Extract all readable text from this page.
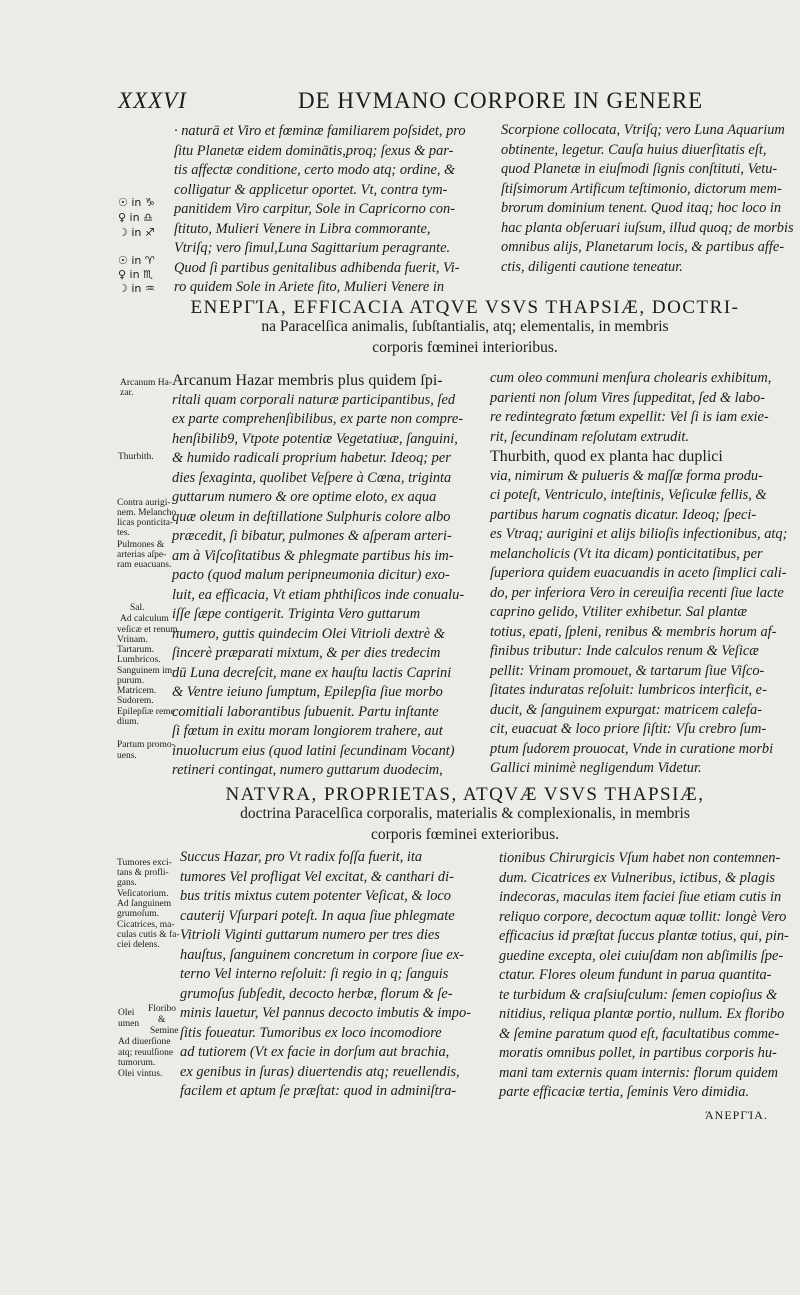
XXXVI	DE HVMANO CORPORE IN GENERE
· naturā et Viro et fœminæ familiarem poſsidet, pro
ſitu Planetæ eidem dominātis,proq; ſexus & par-
tis affectæ conditione, certo modo atq; ordine, &
colligatur & applicetur oportet. Vt, contra tym-
panitidem Viro carpitur, Sole in Capricorno con-
ſtituto, Mulieri Venere in Libra commorante,
Vtriſq; vero ſimul,Luna Sagittarium peragrante.
Quod ſi partibus genitalibus adhibenda fuerit, Vi-
ro quidem Sole in Ariete ſito, Mulieri Venere in
Scorpione collocata, Vtriſq; vero Luna Aquarium
obtinente, legetur. Cauſa huius diuerſitatis eſt,
quod Planetæ in eiuſmodi ſignis conſtituti, Vetu-
ſtiſsimorum Artificum teſtimonio, dictorum mem-
brorum dominium tenent. Quod itaq; hoc loco in
hac planta obſeruari iuſsum, illud quoq; de morbis
omnibus alijs, Planetarum locis, & partibus affe-
ctis, diligenti cautione teneatur.
☉ in ♑
♀ in ♎
☽ in ♐
☉ in ♈
♀ in ♏
☽ in ♒
ΕΝΕΡΓΊΑ, EFFICACIA ATQVE VSVS THAPSIÆ, DOCTRI-
na Paracelſica animalis, ſubſtantialis, atq; elementalis, in membris
corporis fœminei interioribus.
Arcanum Hazar membris plus quidem ſpi-
ritali quam corporali naturæ participantibus, ſed
ex parte comprehenſibilibus, ex parte non compre-
henſibilib9, Vtpote potentiæ Vegetatiuæ, ſanguini,
& humido radicali proprium habetur. Ideoq; per
dies ſexaginta, quolibet Veſpere à Cœna, triginta
guttarum numero & ore optime eloto, ex aqua
quæ oleum in deſtillatione Sulphuris colore albo
præcedit, ſi bibatur, pulmones & aſperam arteri-
am à Viſcoſitatibus & phlegmate partibus his im-
pacto (quod malum peripneumonia dicitur) exo-
luit, ea efficacia, Vt etiam phthiſicos inde conualu-
iſſe ſæpe contigerit. Triginta Vero guttarum
numero, guttis quindecim Olei Vitrioli dextrè &
ſincerè præparati mixtum, & per dies tredecim
dū Luna decreſcit, mane ex hauſtu lactis Caprini
& Ventre ieiuno ſumptum, Epilepſia ſiue morbo
comitiali laborantibus ſubuenit. Partu inſtante
ſi fœtum in exitu moram longiorem trahere, aut
inuolucrum eius (quod latini ſecundinam Vocant)
retineri contingat, numero guttarum duodecim,
cum oleo communi menſura cholearis exhibitum,
parienti non ſolum Vires ſuppeditat, ſed & labo-
re redintegrato fœtum expellit: Vel ſi is iam exie-
rit, ſecundinam reſolutam extrudit.
Thurbith, quod ex planta hac duplici
via, nimirum & pulueris & maſſæ forma produ-
ci poteſt, Ventriculo, inteſtinis, Veſiculæ fellis, &
partibus harum cognatis dicatur. Ideoq; ſpeci-
es Vtraq; aurigini et alijs bilioſis infectionibus, atq;
melancholicis (Vt ita dicam) ponticitatibus, per
ſuperiora quidem euacuandis in aceto ſimplici cali-
do, per inferiora Vero in cereuiſia recenti ſiue lacte
caprino gelido, Vtiliter exhibetur. Sal plantæ
totius, epati, ſpleni, renibus & membris horum af-
finibus tributur: Inde calculos renum & Veſicæ
pellit: Vrinam promouet, & tartarum ſiue Viſco-
ſitates induratas reſoluit: lumbricos interficit, e-
ducit, & ſanguinem expurgat: matricem calefa-
cit, euacuat & loco priore ſiſtit: Vſu crebro ſum-
ptum ſudorem prouocat, Vnde in curatione morbi
Gallici minimè negligendum Videtur.
Arcanum Ha-
zar.
Thurbith.
Contra aurigi-
nem. Melancho
licas ponticita-
tes.
Pulmones &
arterias aſpe-
ram euacuans.
Sal.
Ad calculum
veſicæ et renum.
Vrinam.
Tartarum.
Lumbricos.
Sanguinem im-
purum.
Matricem.
Sudorem.
Epilepſiæ reme
dium.
Partum promo-
uens.
NATVRA, PROPRIETAS, ATQVÆ VSVS THAPSIÆ,
doctrina Paracelſica corporalis, materialis & complexionalis, in membris
corporis fœminei exterioribus.
Succus Hazar, pro Vt radix foſſa fuerit, ita
tumores Vel profligat Vel excitat, & canthari di-
bus tritis mixtus cutem potenter Veſicat, & loco
cauterij Vſurpari poteſt. In aqua ſiue phlegmate
Vitrioli Viginti guttarum numero per tres dies
hauſtus, ſanguinem concretum in corpore ſiue ex-
terno Vel interno reſoluit: ſi regio in q; ſanguis
grumoſus ſubſedit, decocto herbæ, florum & ſe-
minis lauetur, Vel pannus decocto imbutis & impo-
ſitis foueatur. Tumoribus ex loco incomodiore
ad tutiorem (Vt ex facie in dorſum aut brachia,
ex genibus in ſuras) diuertendis atq; reuellendis,
facilem et aptum ſe præſtat: quod in adminiſtra-
tionibus Chirurgicis Vſum habet non contemnen-
dum. Cicatrices ex Vulneribus, ictibus, & plagis
indecoras, maculas item faciei ſiue etiam cutis in
reliquo corpore, decoctum aquæ tollit: longè Vero
efficacius id præſtat ſuccus plantæ totius, qui, pin-
guedine excepta, olei cuiuſdam non abſimilis ſpe-
ctatur. Flores oleum fundunt in parua quantita-
te turbidum & craſsiuſculum: ſemen copioſius &
nitidius, reliqua plantæ portio, nullum. Ex floribo
& ſemine paratum quod eſt, facultatibus comme-
moratis omnibus pollet, in partibus corporis hu-
mani tam externis quam internis: florum quidem
parte efficaciæ tertia, ſeminis Vero dimidia.
Tumores exci-
tans & profli-
gans.
Veſicatorium.
Ad ſanguinem
grumoſum.
Cicatrices, ma-
culas cutis & fa-
ciei delens.
Olei Floribo
umen &
Semine
Ad diuerſione
atq; reuulſione
tumorum.
Olei vintus.
ΆΝΕΡΓΊΑ.
